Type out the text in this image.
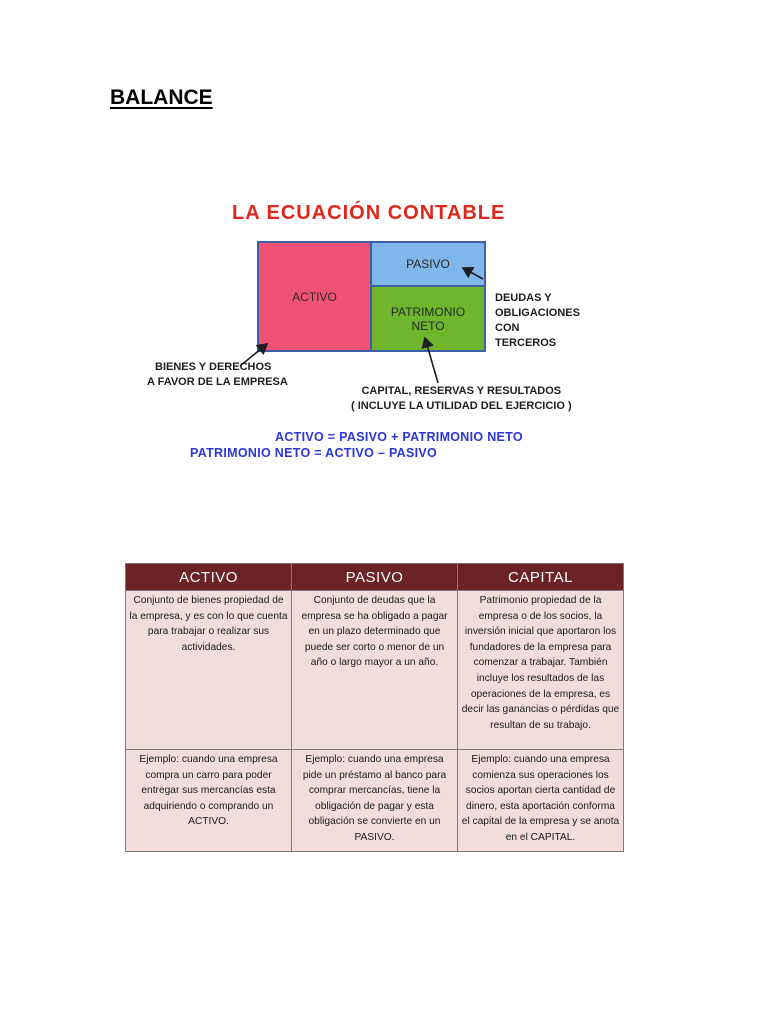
BALANCE
LA ECUACIÓN CONTABLE
ACTIVO
PASIVO
PATRIMONIO NETO
BIENES Y DERECHOS
A FAVOR DE LA EMPRESA
DEUDAS Y
OBLIGACIONES
CON
TERCEROS
CAPITAL, RESERVAS Y RESULTADOS
( INCLUYE LA UTILIDAD DEL EJERCICIO )
ACTIVO = PASIVO + PATRIMONIO NETO
PATRIMONIO NETO = ACTIVO – PASIVO
ACTIVO	PASIVO	CAPITAL
Conjunto de bienes propiedad de la empresa, y es con lo que cuenta para trabajar o realizar sus actividades.	Conjunto de deudas que la empresa se ha obligado a pagar en un plazo determinado que puede ser corto o menor de un año o largo mayor a un año.	Patrimonio propiedad de la empresa o de los socios, la inversión inicial que aportaron los fundadores de la empresa para comenzar a trabajar. También incluye los resultados de las operaciones de la empresa, es decir las ganancias o pérdidas que resultan de su trabajo.
Ejemplo: cuando una empresa compra un carro para poder entregar sus mercancías esta adquiriendo o comprando un ACTIVO.	Ejemplo: cuando una empresa pide un préstamo al banco para comprar mercancías, tiene la obligación de pagar y esta obligación se convierte en un PASIVO.	Ejemplo: cuando una empresa comienza sus operaciones los socios aportan cierta cantidad de dinero, esta aportación conforma el capital de la empresa y se anota en el CAPITAL.
